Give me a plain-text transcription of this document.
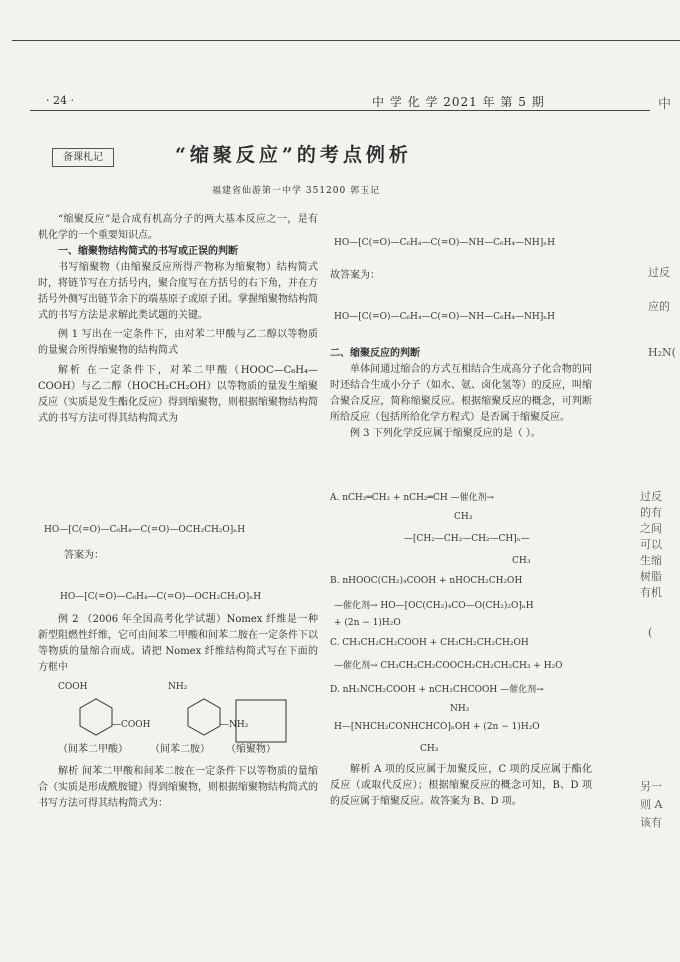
· 24 ·	中 学 化 学 2021 年 第 5 期	中
过反
应的
H₂N(
过反
的有
之间
可以
生缩
树脂
有机
(
另一
则 A
该有
备课札记	“缩聚反应”的考点例析
福建省仙游第一中学 351200 郭玉记

“缩聚反应”是合成有机高分子的两大基本反应之一，是有机化学的一个重要知识点。

一、缩聚物结构简式的书写或正误的判断

书写缩聚物（由缩聚反应所得产物称为缩聚物）结构简式时，将链节写在方括号内，聚合度写在方括号的右下角，并在方括号外侧写出链节余下的端基原子或原子团。掌握缩聚物结构简式的书写方法是求解此类试题的关键。

例 1 写出在一定条件下，由对苯二甲酸与乙二醇以等物质的量聚合所得缩聚物的结构简式

解析 在一定条件下，对苯二甲酸（HOOC—C₆H₄—COOH）与乙二醇（HOCH₂CH₂OH）以等物质的量发生缩聚反应（实质是发生酯化反应）得到缩聚物，则根据缩聚物结构简式的书写方法可得其结构简式为

HO—[C(=O)—C₆H₄—C(=O)—OCH₂CH₂O]ₙH
答案为：
HO—[C(=O)—C₆H₄—C(=O)—OCH₂CH₂O]ₙH

例 2 （2006 年全国高考化学试题）Nomex 纤维是一种新型阻燃性纤维，它可由间苯二甲酸和间苯二胺在一定条件下以等物质的量缩合而成。请把 Nomex 纤维结构简式写在下面的方框中

COOH
—COOH
NH₂
—NH₂
（间苯二甲酸） （间苯二胺） （缩聚物）

解析 间苯二甲酸和间苯二胺在一定条件下以等物质的量缩合（实质是形成酰胺键）得到缩聚物，则根据缩聚物结构简式的书写方法可得其结构简式为：

HO—[C(=O)—C₆H₄—C(=O)—NH—C₆H₄—NH]ₙH
故答案为：
HO—[C(=O)—C₆H₄—C(=O)—NH—C₆H₄—NH]ₙH

二、缩聚反应的判断

单体间通过缩合的方式互相结合生成高分子化合物的同时还结合生成小分子（如水、氨、卤化氢等）的反应，叫缩合聚合反应，简称缩聚反应。根据缩聚反应的概念，可判断所给反应（包括所给化学方程式）是否属于缩聚反应。

例 3 下列化学反应属于缩聚反应的是（ ）。

A. nCH₂═CH₂ + nCH₂═CH —催化剂→
CH₃
—[CH₂—CH₂—CH₂—CH]ₙ—
CH₃
B. nHOOC(CH₂)₄COOH + nHOCH₂CH₂OH
—催化剂→ HO—[OC(CH₂)₄CO—O(CH₂)₂O]ₙH
+ (2n − 1)H₂O
C. CH₃CH₂CH₂COOH + CH₃CH₂CH₂CH₂OH
—催化剂→ CH₃CH₂CH₂COOCH₂CH₂CH₂CH₃ + H₂O
D. nH₂NCH₂COOH + nCH₃CHCOOH —催化剂→
NH₂
H—[NHCH₂CONHCHCO]ₙOH + (2n − 1)H₂O
CH₃

解析 A 项的反应属于加聚反应，C 项的反应属于酯化反应（或取代反应）；根据缩聚反应的概念可知，B、D 项的反应属于缩聚反应。故答案为 B、D 项。
